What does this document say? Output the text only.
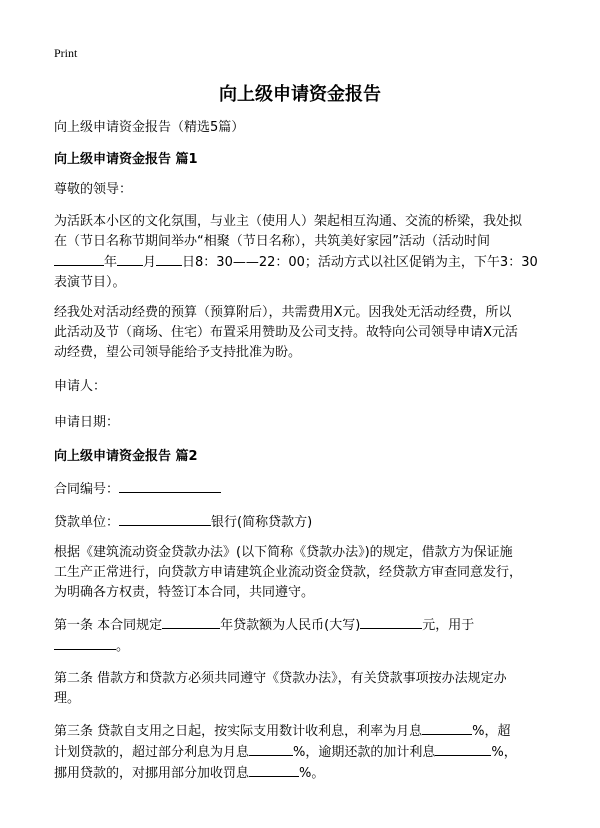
Print
向上级申请资金报告

向上级申请资金报告（精选5篇）

向上级申请资金报告 篇1

尊敬的领导：

为活跃本小区的文化氛围，与业主（使用人）架起相互沟通、交流的桥梁，我处拟

在（节日名称节期间举办“相聚（节日名称），共筑美好家园”活动（活动时间

年 月 日8：30——22：00；活动方式以社区促销为主，下午3：30

表演节目）。

经我处对活动经费的预算（预算附后），共需费用X元。因我处无活动经费，所以

此活动及节（商场、住宅）布置采用赞助及公司支持。故特向公司领导申请X元活

动经费，望公司领导能给予支持批准为盼。

申请人：

申请日期：

向上级申请资金报告 篇2

合同编号：

贷款单位：	银行(简称贷款方)

根据《建筑流动资金贷款办法》(以下简称《贷款办法》)的规定，借款方为保证施

工生产正常进行，向贷款方申请建筑企业流动资金贷款，经贷款方审查同意发行，

为明确各方权责，特签订本合同，共同遵守。

第一条 本合同规定	年贷款额为人民币(大写)	元，用于

。

第二条 借款方和贷款方必须共同遵守《贷款办法》，有关贷款事项按办法规定办

理。

第三条 贷款自支用之日起，按实际支用数计收利息，利率为月息	%，超

计划贷款的，超过部分利息为月息	%，逾期还款的加计利息	%，

挪用贷款的，对挪用部分加收罚息	%。
